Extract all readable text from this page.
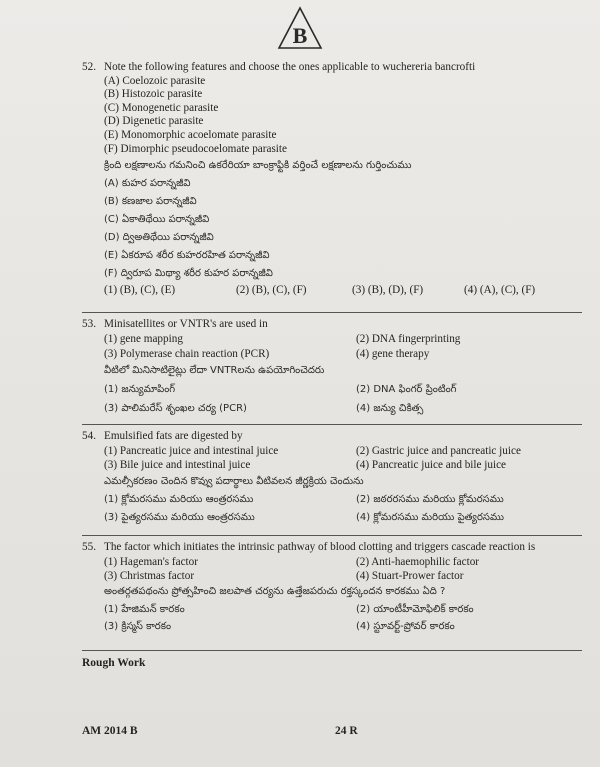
B
52. Note the following features and choose the ones applicable to wuchereria bancrofti
(A) Coelozoic parasite
(B) Histozoic parasite
(C) Monogenetic parasite
(D) Digenetic parasite
(E) Monomorphic acoelomate parasite
(F) Dimorphic pseudocoelomate parasite
క్రింది లక్షణాలను గమనించి ఉకరేరియా బాంక్రాఫ్టికి వర్తించే లక్షణాలను గుర్తించుము
(A) కుహర పరాన్నజీవి
(B) కణజాల పరాన్నజీవి
(C) ఏకాతిథేయి పరాన్నజీవి
(D) ద్విఅతిథేయి పరాన్నజీవి
(E) ఏకరూప శరీర కుహరరహిత పరాన్నజీవి
(F) ద్విరూప మిథ్యా శరీర కుహర పరాన్నజీవి
(1) (B), (C), (E)	(2) (B), (C), (F)	(3) (B), (D), (F)	(4) (A), (C), (F)
53. Minisatellites or VNTR's are used in
(1) gene mapping	(2) DNA fingerprinting
(3) Polymerase chain reaction (PCR)	(4) gene therapy
వీటిలో మినిసాటిలైట్లు లేదా VNTRలను ఉపయోగించెదరు
(1) జన్యుమాపింగ్	(2) DNA ఫింగర్ ప్రింటింగ్
(3) పాలిమరేస్ శృంఖల చర్య (PCR)	(4) జన్యు చికిత్స
54. Emulsified fats are digested by
(1) Pancreatic juice and intestinal juice	(2) Gastric juice and pancreatic juice
(3) Bile juice and intestinal juice	(4) Pancreatic juice and bile juice
ఎమల్సీకరణం చెందిన కొవ్వు పదార్థాలు వీటివలన జీర్ణక్రియ చెందును
(1) క్లోమరసము మరియు ఆంత్రరసము	(2) జఠరరసము మరియు క్లోమరసము
(3) పైత్యరసము మరియు ఆంత్రరసము	(4) క్లోమరసము మరియు పైత్యరసము
55. The factor which initiates the intrinsic pathway of blood clotting and triggers cascade reaction is
(1) Hageman's factor	(2) Anti-haemophilic factor
(3) Christmas factor	(4) Stuart-Prower factor
అంతర్గతపథంను ప్రోత్సహించి జలపాత చర్యను ఉత్తేజపరుచు రక్తస్కందన కారకము ఏది ?
(1) హేజిమన్ కారకం	(2) యాంటీహీమోఫిలిక్ కారకం
(3) క్రిస్మస్ కారకం	(4) స్టూవర్ట్-ప్రోవర్ కారకం
Rough Work
AM 2014 B	24 R
